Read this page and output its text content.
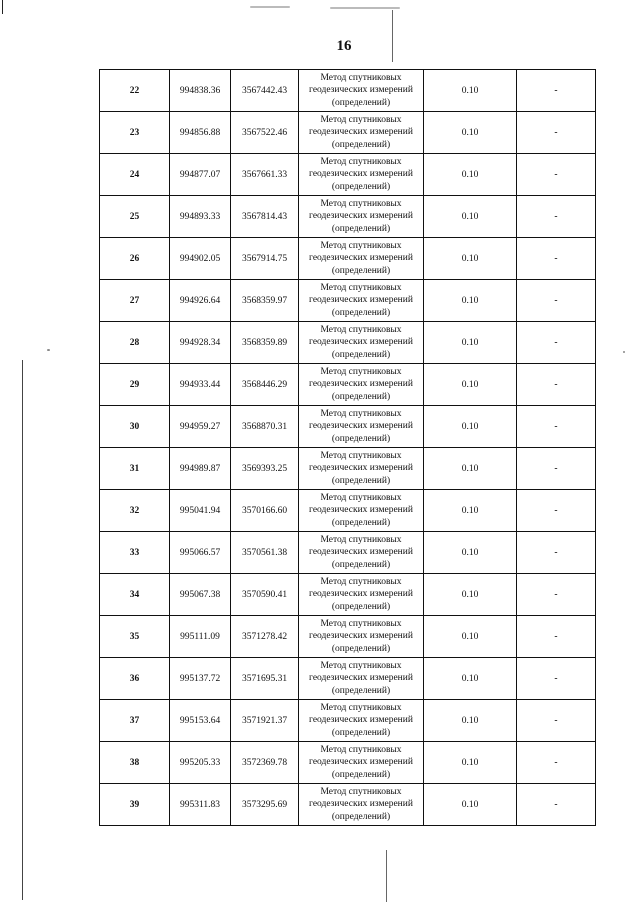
16
22	994838.36	3567442.43	Метод спутниковых
геодезических измерений
(определений)	0.10	-
23	994856.88	3567522.46	Метод спутниковых
геодезических измерений
(определений)	0.10	-
24	994877.07	3567661.33	Метод спутниковых
геодезических измерений
(определений)	0.10	-
25	994893.33	3567814.43	Метод спутниковых
геодезических измерений
(определений)	0.10	-
26	994902.05	3567914.75	Метод спутниковых
геодезических измерений
(определений)	0.10	-
27	994926.64	3568359.97	Метод спутниковых
геодезических измерений
(определений)	0.10	-
28	994928.34	3568359.89	Метод спутниковых
геодезических измерений
(определений)	0.10	-
29	994933.44	3568446.29	Метод спутниковых
геодезических измерений
(определений)	0.10	-
30	994959.27	3568870.31	Метод спутниковых
геодезических измерений
(определений)	0.10	-
31	994989.87	3569393.25	Метод спутниковых
геодезических измерений
(определений)	0.10	-
32	995041.94	3570166.60	Метод спутниковых
геодезических измерений
(определений)	0.10	-
33	995066.57	3570561.38	Метод спутниковых
геодезических измерений
(определений)	0.10	-
34	995067.38	3570590.41	Метод спутниковых
геодезических измерений
(определений)	0.10	-
35	995111.09	3571278.42	Метод спутниковых
геодезических измерений
(определений)	0.10	-
36	995137.72	3571695.31	Метод спутниковых
геодезических измерений
(определений)	0.10	-
37	995153.64	3571921.37	Метод спутниковых
геодезических измерений
(определений)	0.10	-
38	995205.33	3572369.78	Метод спутниковых
геодезических измерений
(определений)	0.10	-
39	995311.83	3573295.69	Метод спутниковых
геодезических измерений
(определений)	0.10	-
